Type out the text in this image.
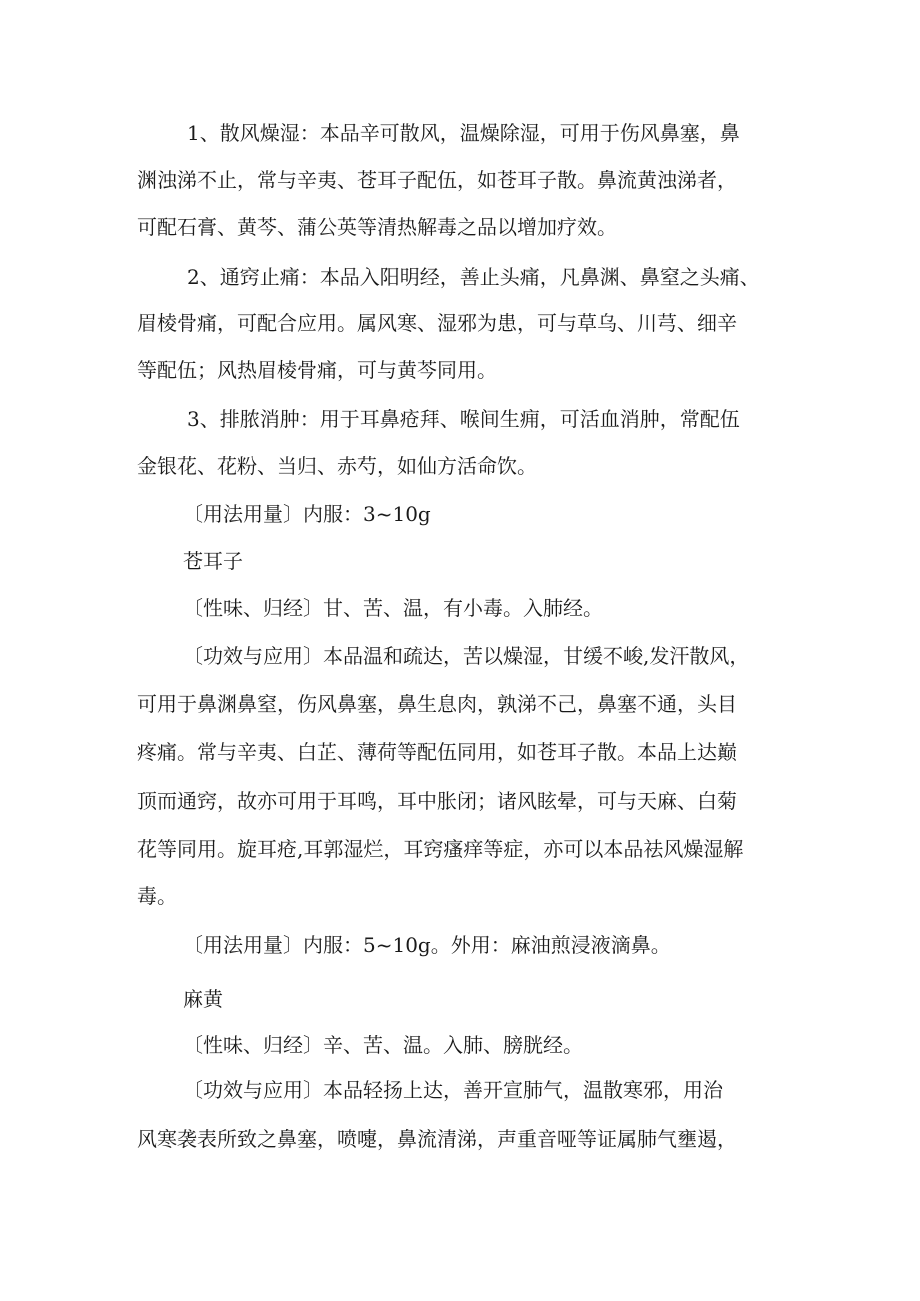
1、散风燥湿：本品辛可散风，温燥除湿，可用于伤风鼻塞，鼻

渊浊涕不止，常与辛夷、苍耳子配伍，如苍耳子散。鼻流黄浊涕者，

可配石膏、黄芩、蒲公英等清热解毒之品以增加疗效。

2、通窍止痛：本品入阳明经，善止头痛，凡鼻渊、鼻窒之头痛、

眉棱骨痛，可配合应用。属风寒、湿邪为患，可与草乌、川芎、细辛

等配伍；风热眉棱骨痛，可与黄芩同用。

3、排脓消肿：用于耳鼻疮拜、喉间生痈，可活血消肿，常配伍

金银花、花粉、当归、赤芍，如仙方活命饮。

〔用法用量〕内服：3~10g

苍耳子

〔性味、归经〕甘、苦、温，有小毒。入肺经。

〔功效与应用〕本品温和疏达，苦以燥湿，甘缓不峻,发汗散风，

可用于鼻渊鼻窒，伤风鼻塞，鼻生息肉，孰涕不己，鼻塞不通，头目

疼痛。常与辛夷、白芷、薄荷等配伍同用，如苍耳子散。本品上达巅

顶而通窍，故亦可用于耳鸣，耳中胀闭；诸风眩晕，可与天麻、白菊

花等同用。旋耳疮,耳郭湿烂，耳窍瘙痒等症，亦可以本品祛风燥湿解

毒。

〔用法用量〕内服：5~10g。外用：麻油煎浸液滴鼻。

麻黄

〔性味、归经〕辛、苦、温。入肺、膀胱经。

〔功效与应用〕本品轻扬上达，善开宣肺气，温散寒邪，用治

风寒袭表所致之鼻塞，喷嚏，鼻流清涕，声重音哑等证属肺气壅遏，
